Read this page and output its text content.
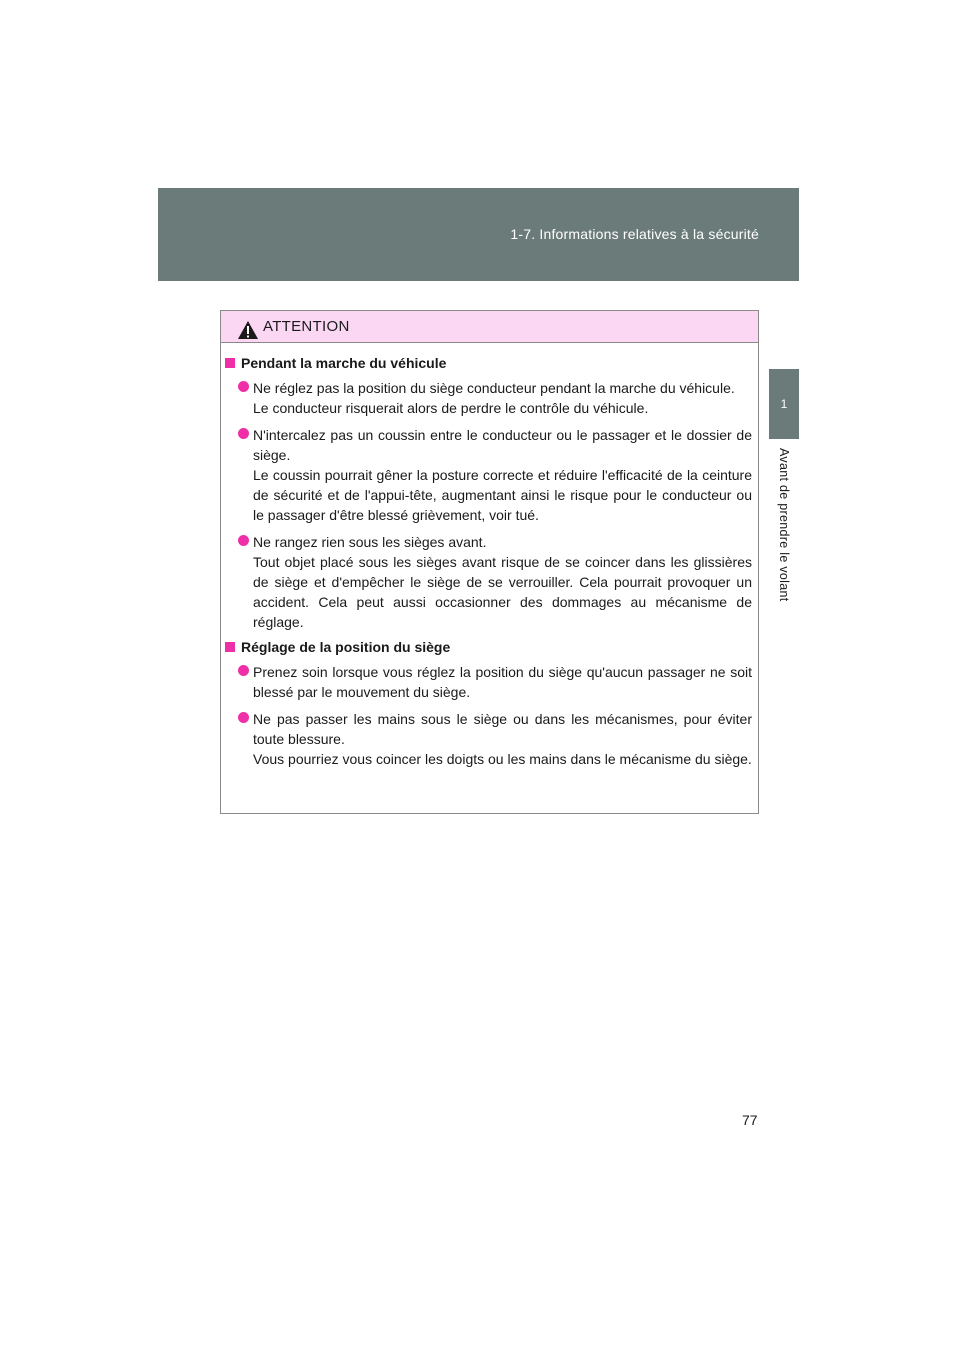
1-7. Informations relatives à la sécurité
1
Avant de prendre le volant
ATTENTION
Pendant la marche du véhicule

Ne réglez pas la position du siège conducteur pendant la marche du véhicule.

Le conducteur risquerait alors de perdre le contrôle du véhicule.

N'intercalez pas un coussin entre le conducteur ou le passager et le dossier de siège.

Le coussin pourrait gêner la posture correcte et réduire l'efficacité de la ceinture de sécurité et de l'appui-tête, augmentant ainsi le risque pour le conducteur ou le passager d'être blessé grièvement, voir tué.

Ne rangez rien sous les sièges avant.

Tout objet placé sous les sièges avant risque de se coincer dans les glissières de siège et d'empêcher le siège de se verrouiller. Cela pourrait provoquer un accident. Cela peut aussi occasionner des dommages au mécanisme de réglage.

Réglage de la position du siège

Prenez soin lorsque vous réglez la position du siège qu'aucun passager ne soit blessé par le mouvement du siège.

Ne pas passer les mains sous le siège ou dans les mécanismes, pour éviter toute blessure.

Vous pourriez vous coincer les doigts ou les mains dans le mécanisme du siège.

77
